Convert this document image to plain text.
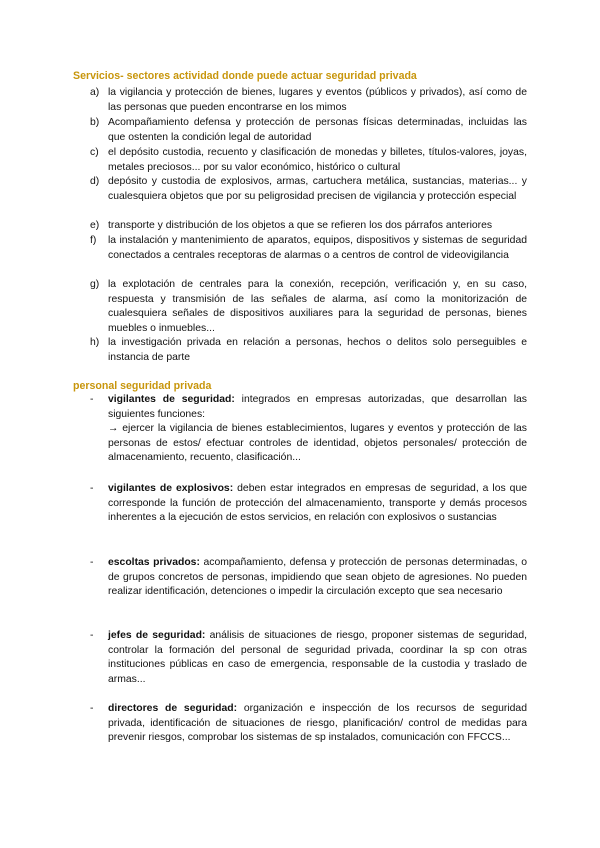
Servicios- sectores actividad donde puede actuar seguridad privada
a) la vigilancia y protección de bienes, lugares y eventos (públicos y privados), así como de las personas que pueden encontrarse en los mimos
b) Acompañamiento defensa y protección de personas físicas determinadas, incluidas las que ostenten la condición legal de autoridad
c) el depósito custodia, recuento y clasificación de monedas y billetes, títulos-valores, joyas, metales preciosos... por su valor económico, histórico o cultural
d) depósito y custodia de explosivos, armas, cartuchera metálica, sustancias, materias... y cualesquiera objetos que por su peligrosidad precisen de vigilancia y protección especial
e) transporte y distribución de los objetos a que se refieren los dos párrafos anteriores
f) la instalación y mantenimiento de aparatos, equipos, dispositivos y sistemas de seguridad conectados a centrales receptoras de alarmas o a centros de control de videovigilancia
g) la explotación de centrales para la conexión, recepción, verificación y, en su caso, respuesta y transmisión de las señales de alarma, así como la monitorización de cualesquiera señales de dispositivos auxiliares para la seguridad de personas, bienes muebles o inmuebles...
h) la investigación privada en relación a personas, hechos o delitos solo perseguibles e instancia de parte
personal seguridad privada
- vigilantes de seguridad: integrados en empresas autorizadas, que desarrollan las siguientes funciones:
→ ejercer la vigilancia de bienes establecimientos, lugares y eventos y protección de las personas de estos/ efectuar controles de identidad, objetos personales/ protección de almacenamiento, recuento, clasificación...
- vigilantes de explosivos: deben estar integrados en empresas de seguridad, a los que corresponde la función de protección del almacenamiento, transporte y demás procesos inherentes a la ejecución de estos servicios, en relación con explosivos o sustancias
- escoltas privados: acompañamiento, defensa y protección de personas determinadas, o de grupos concretos de personas, impidiendo que sean objeto de agresiones. No pueden realizar identificación, detenciones o impedir la circulación excepto que sea necesario
- jefes de seguridad: análisis de situaciones de riesgo, proponer sistemas de seguridad, controlar la formación del personal de seguridad privada, coordinar la sp con otras instituciones públicas en caso de emergencia, responsable de la custodia y traslado de armas...
- directores de seguridad: organización e inspección de los recursos de seguridad privada, identificación de situaciones de riesgo, planificación/ control de medidas para prevenir riesgos, comprobar los sistemas de sp instalados, comunicación con FFCCS...
